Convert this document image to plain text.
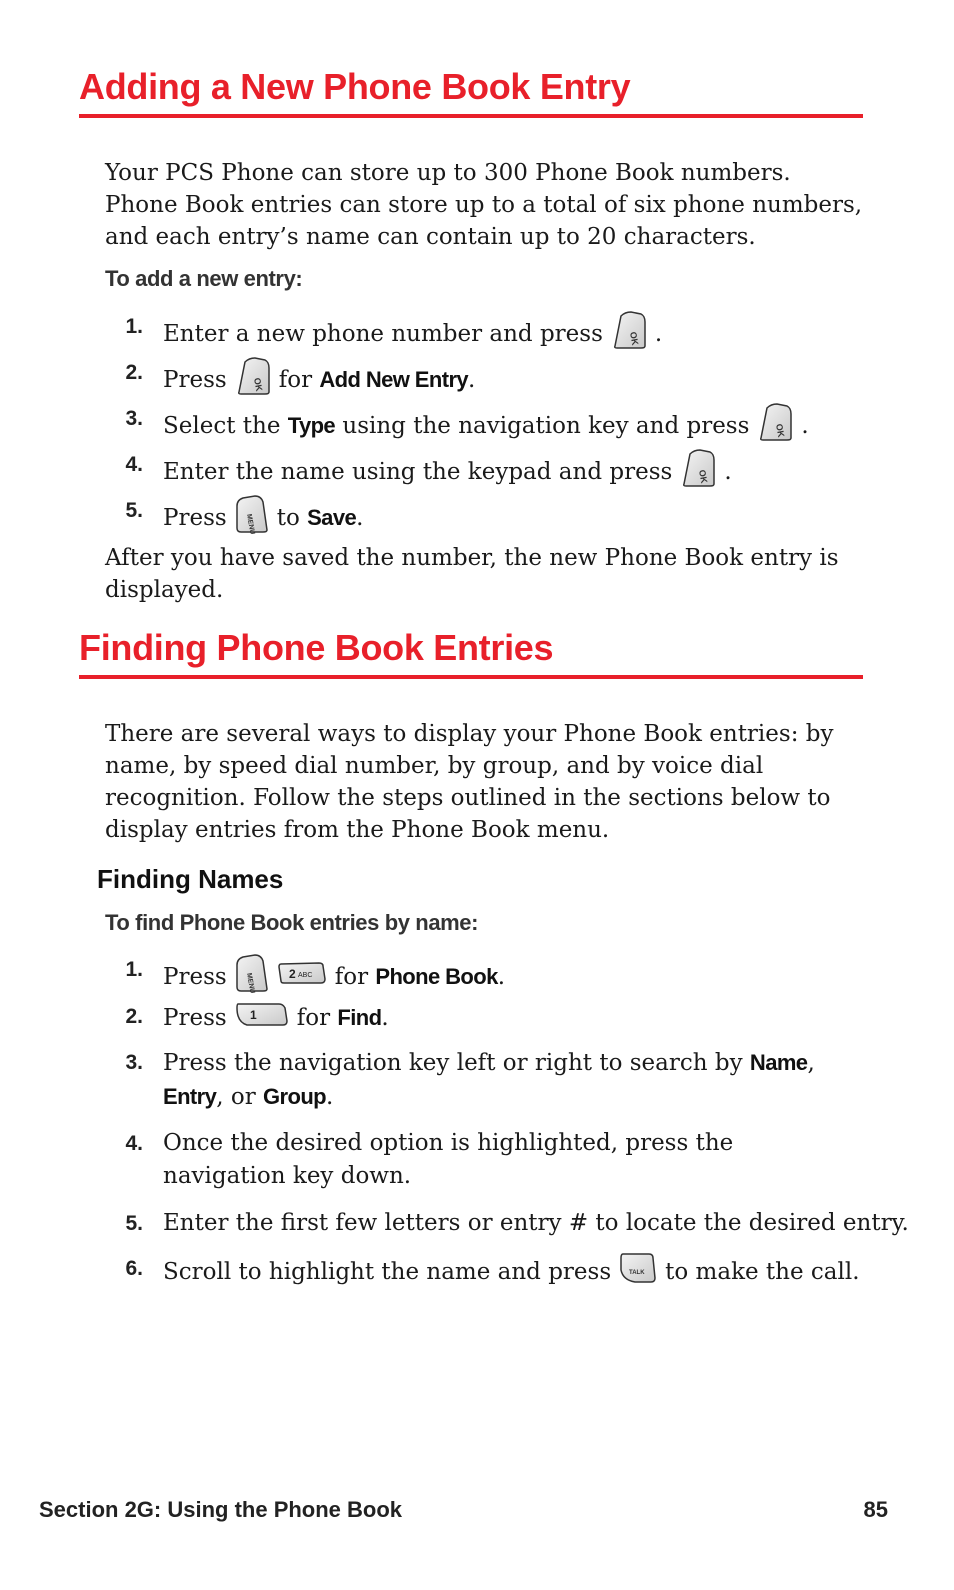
Adding a New Phone Book Entry
Your PCS Phone can store up to 300 Phone Book numbers. Phone Book entries can store up to a total of six phone numbers, and each entry’s name can contain up to 20 characters.
To add a new entry:
1. Enter a new phone number and press	OK .
2. Press	OK for Add New Entry.
3. Select the Type using the navigation key and press	OK .
4. Enter the name using the keypad and press	OK .
5. Press	MENU to Save.
After you have saved the number, the new Phone Book entry is displayed.
Finding Phone Book Entries
There are several ways to display your Phone Book entries: by name, by speed dial number, by group, and by voice dial recognition. Follow the steps outlined in the sections below to display entries from the Phone Book menu.
Finding Names
To find Phone Book entries by name:
1. Press	MENU	2 ABC for Phone Book.
2. Press 1 for Find.
3. Press the navigation key left or right to search by Name, Entry, or Group.
4. Once the desired option is highlighted, press the navigation key down.
5. Enter the first few letters or entry # to locate the desired entry.
6. Scroll to highlight the name and press	TALK to make the call.
Section 2G: Using the Phone Book	85
